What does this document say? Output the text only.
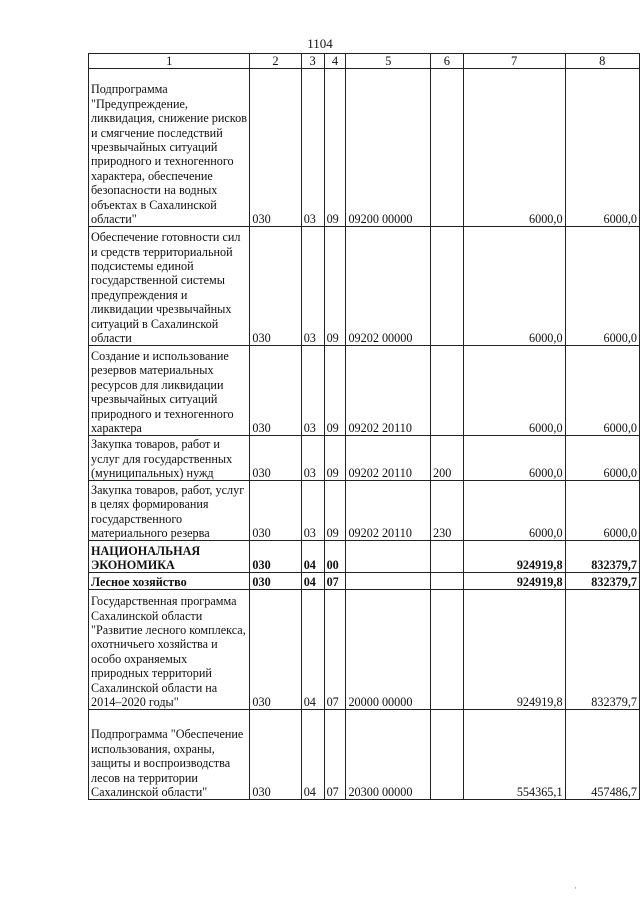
1104
1	2	3	4	5	6	7	8
Подпрограмма "Предупреждение, ликвидация, снижение рисков и смягчение последствий чрезвычайных ситуаций природного и техногенного характера, обеспечение безопасности на водных объектах в Сахалинской области"	030	03	09	09200 00000		6000,0	6000,0
Обеспечение готовности сил и средств территориальной подсистемы единой государственной системы предупреждения и ликвидации чрезвычайных ситуаций в Сахалинской области	030	03	09	09202 00000		6000,0	6000,0
Создание и использование резервов материальных ресурсов для ликвидации чрезвычайных ситуаций природного и техногенного характера	030	03	09	09202 20110		6000,0	6000,0
Закупка товаров, работ и услуг для государственных (муниципальных) нужд	030	03	09	09202 20110	200	6000,0	6000,0
Закупка товаров, работ, услуг в целях формирования государственного материального резерва	030	03	09	09202 20110	230	6000,0	6000,0
НАЦИОНАЛЬНАЯ ЭКОНОМИКА	030	04	00			924919,8	832379,7
Лесное хозяйство	030	04	07			924919,8	832379,7
Государственная программа Сахалинской области "Развитие лесного комплекса, охотничьего хозяйства и особо охраняемых природных территорий Сахалинской области на 2014–2020 годы"	030	04	07	20000 00000		924919,8	832379,7
Подпрограмма "Обеспечение использования, охраны, защиты и воспроизводства лесов на территории Сахалинской области"	030	04	07	20300 00000		554365,1	457486,7
·
